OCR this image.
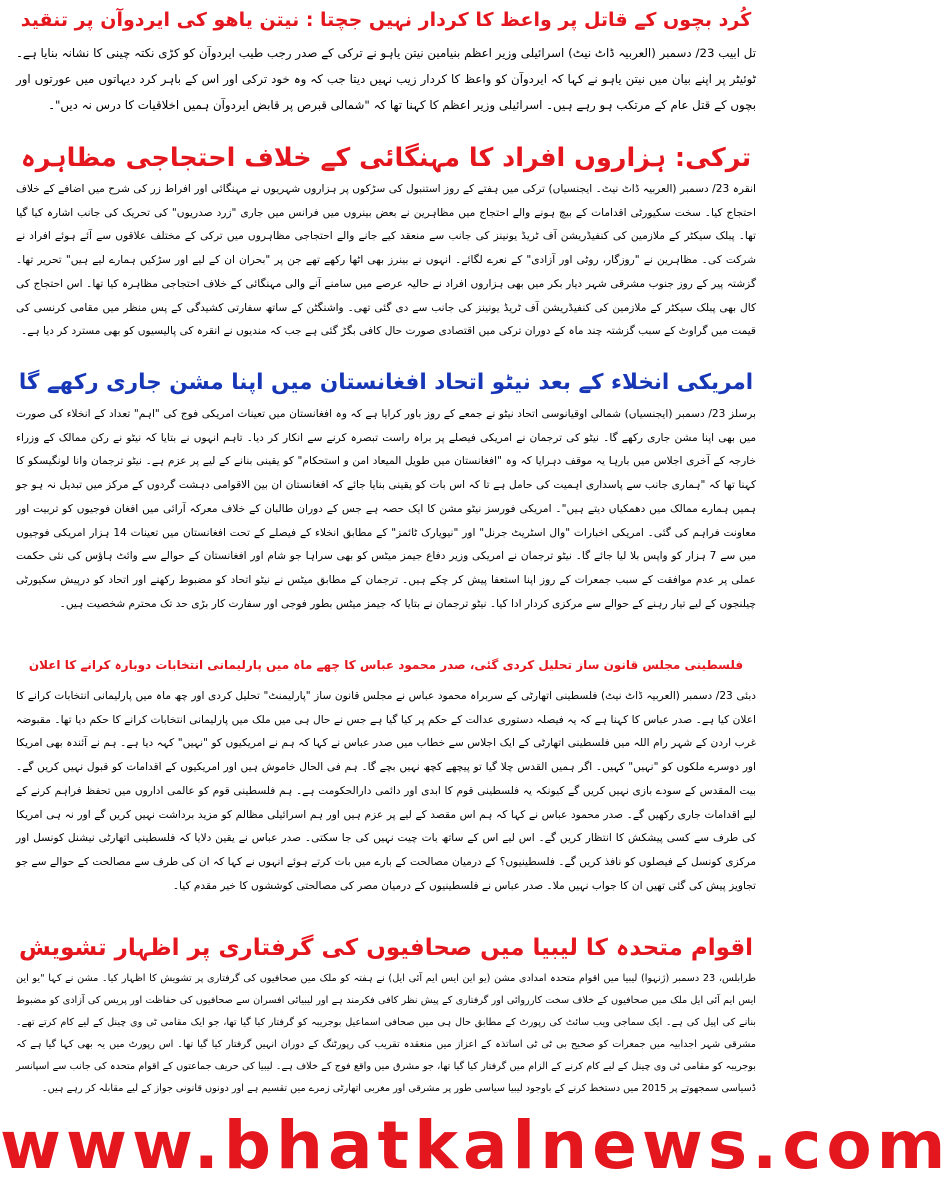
کُرد بچوں کے قاتل پر واعظ کا کردار نہیں جچتا : نیتن یاھو کی ایردوآن پر تنقید

تل ابیب 23/ دسمبر (العربیہ ڈاٹ نیٹ) اسرائیلی وزیر اعظم بنیامین نیتن یاہو نے ترکی کے صدر رجب طیب ایردوآن کو کڑی نکتہ چینی کا نشانہ بنایا ہے۔ ٹوئیٹر پر اپنے بیان میں نیتن یاہو نے کہا کہ ایردوآن کو واعظ کا کردار زیب نہیں دیتا جب کہ وہ خود ترکی اور اس کے باہر کرد دیہاتوں میں عورتوں اور بچوں کے قتل عام کے مرتکب ہو رہے ہیں۔ اسرائیلی وزیر اعظم کا کہنا تھا کہ "شمالی قبرص پر قابض ایردوآن ہمیں اخلاقیات کا درس نہ دیں"۔

ترکی: ہزاروں افراد کا مہنگائی کے خلاف احتجاجی مظاہرہ

انقرہ 23/ دسمبر (العربیہ ڈاٹ نیٹ۔ ایجنسیاں) ترکی میں ہفتے کے روز استنبول کی سڑکوں پر ہزاروں شہریوں نے مہنگائی اور افراط زر کی شرح میں اضافے کے خلاف احتجاج کیا۔ سخت سکیورٹی اقدامات کے بیچ ہونے والے احتجاج میں مظاہرین نے بعض بینروں میں فرانس میں جاری "زرد صدریوں" کی تحریک کی جانب اشارہ کیا گیا تھا۔ پبلک سیکٹر کے ملازمین کی کنفیڈریشن آف ٹریڈ یونینز کی جانب سے منعقد کیے جانے والے احتجاجی مظاہروں میں ترکی کے مختلف علاقوں سے آئے ہوئے افراد نے شرکت کی۔ مظاہرین نے "روزگار، روٹی اور آزادی" کے نعرے لگائے۔ انہوں نے بینرز بھی اٹھا رکھے تھے جن پر "بحران ان کے لیے اور سڑکیں ہمارے لیے ہیں" تحریر تھا۔ گزشتہ پیر کے روز جنوب مشرقی شہر دیار بکر میں بھی ہزاروں افراد نے حالیہ عرصے میں سامنے آنے والی مہنگائی کے خلاف احتجاجی مظاہرہ کیا تھا۔ اس احتجاج کی کال بھی پبلک سیکٹر کے ملازمین کی کنفیڈریشن آف ٹریڈ یونینز کی جانب سے دی گئی تھی۔ واشنگٹن کے ساتھ سفارتی کشیدگی کے پس منظر میں مقامی کرنسی کی قیمت میں گراوٹ کے سبب گزشتہ چند ماہ کے دوران ترکی میں اقتصادی صورت حال کافی بگڑ گئی ہے جب کہ مندیوں نے انقرہ کی پالیسیوں کو بھی مسترد کر دیا ہے۔

امریکی انخلاء کے بعد نیٹو اتحاد افغانستان میں اپنا مشن جاری رکھے گا

برسلز 23/ دسمبر (ایجنسیاں) شمالی اوقیانوسی اتحاد نیٹو نے جمعے کے روز باور کرایا ہے کہ وہ افغانستان میں تعینات امریکی فوج کی "اہم" تعداد کے انخلاء کی صورت میں بھی اپنا مشن جاری رکھے گا۔ نیٹو کی ترجمان نے امریکی فیصلے پر براہ راست تبصرہ کرنے سے انکار کر دیا۔ تاہم انہوں نے بتایا کہ نیٹو نے رکن ممالک کے وزراء خارجہ کے آخری اجلاس میں بارہا یہ موقف دہرایا کہ وہ "افغانستان میں طویل المیعاد امن و استحکام" کو یقینی بنانے کے لیے پر عزم ہے۔ نیٹو ترجمان وانا لونگیسکو کا کہنا تھا کہ "ہماری جانب سے پاسداری اہمیت کی حامل ہے تا کہ اس بات کو یقینی بنایا جائے کہ افغانستان ان بین الاقوامی دہشت گردوں کے مرکز میں تبدیل نہ ہو جو ہمیں ہمارے ممالک میں دھمکیاں دیتے ہیں"۔ امریکی فورسز نیٹو مشن کا ایک حصہ ہے جس کے دوران طالبان کے خلاف معرکہ آرائی میں افغان فوجیوں کو تربیت اور معاونت فراہم کی گئی۔ امریکی اخبارات "وال اسٹریٹ جرنل" اور "نیویارک ٹائمز" کے مطابق انخلاء کے فیصلے کے تحت افغانستان میں تعینات 14 ہزار امریکی فوجیوں میں سے 7 ہزار کو واپس بلا لیا جائے گا۔ نیٹو ترجمان نے امریکی وزیر دفاع جیمز میٹس کو بھی سراہا جو شام اور افغانستان کے حوالے سے وائٹ ہاؤس کی نئی حکمت عملی پر عدم موافقت کے سبب جمعرات کے روز اپنا استعفا پیش کر چکے ہیں۔ ترجمان کے مطابق میٹس نے نیٹو اتحاد کو مضبوط رکھنے اور اتحاد کو درپیش سکیورٹی چیلنجوں کے لیے تیار رہنے کے حوالے سے مرکزی کردار ادا کیا۔ نیٹو ترجمان نے بتایا کہ جیمز میٹس بطور فوجی اور سفارت کار بڑی حد تک محترم شخصیت ہیں۔

فلسطینی مجلس قانون ساز تحلیل کردی گئی، صدر محمود عباس کا چھے ماہ میں پارلیمانی انتخابات دوبارہ کرانے کا اعلان

دبئی 23/ دسمبر (العربیہ ڈاٹ نیٹ) فلسطینی اتھارٹی کے سربراہ محمود عباس نے مجلس قانون ساز "پارلیمنٹ" تحلیل کردی اور چھ ماہ میں پارلیمانی انتخابات کرانے کا اعلان کیا ہے۔ صدر عباس کا کہنا ہے کہ یہ فیصلہ دستوری عدالت کے حکم پر کیا گیا ہے جس نے حال ہی میں ملک میں پارلیمانی انتخابات کرانے کا حکم دیا تھا۔ مقبوضہ غرب اردن کے شہر رام اللہ میں فلسطینی اتھارٹی کے ایک اجلاس سے خطاب میں صدر عباس نے کہا کہ ہم نے امریکیوں کو "نہیں" کہہ دیا ہے۔ ہم نے آئندہ بھی امریکا اور دوسرے ملکوں کو "نہیں" کہیں۔ اگر ہمیں القدس چلا گیا تو پیچھے کچھ نہیں بچے گا۔ ہم فی الحال خاموش ہیں اور امریکیوں کے اقدامات کو قبول نہیں کریں گے۔ بیت المقدس کے سودے بازی نہیں کریں گے کیونکہ یہ فلسطینی قوم کا ابدی اور دائمی دارالحکومت ہے۔ ہم فلسطینی قوم کو عالمی اداروں میں تحفظ فراہم کرنے کے لیے اقدامات جاری رکھیں گے۔ صدر محمود عباس نے کہا کہ ہم اس مقصد کے لیے پر عزم ہیں اور ہم اسرائیلی مظالم کو مزید برداشت نہیں کریں گے اور نہ ہی امریکا کی طرف سے کسی پیشکش کا انتظار کریں گے۔ اس لیے اس کے ساتھ بات چیت نہیں کی جا سکتی۔ صدر عباس نے یقین دلایا کہ فلسطینی اتھارٹی نیشنل کونسل اور مرکزی کونسل کے فیصلوں کو نافذ کریں گے۔ فلسطینیوں؟ کے درمیان مصالحت کے بارے میں بات کرتے ہوئے انہوں نے کہا کہ ان کی طرف سے مصالحت کے حوالے سے جو تجاویز پیش کی گئی تھیں ان کا جواب نہیں ملا۔ صدر عباس نے فلسطینیوں کے درمیان مصر کی مصالحتی کوششوں کا خیر مقدم کیا۔

اقوام متحدہ کا لیبیا میں صحافیوں کی گرفتاری پر اظہار تشویش

طرابلس، 23 دسمبر (ژنہوا) لیبیا میں اقوام متحدہ امدادی مشن (یو این ایس ایم آئی ایل) نے ہفتہ کو ملک میں صحافیوں کی گرفتاری پر تشویش کا اظہار کیا۔ مشن نے کہا "یو این ایس ایم آئی ایل ملک میں صحافیوں کے خلاف سخت کارروائی اور گرفتاری کے پیش نظر کافی فکرمند ہے اور لیبیائی افسران سے صحافیوں کی حفاظت اور پریس کی آزادی کو مضبوط بنانے کی اپیل کی ہے۔ ایک سماجی ویب سائٹ کی رپورٹ کے مطابق حال ہی میں صحافی اسماعیل بوجریبہ کو گرفتار کیا گیا تھا، جو ایک مقامی ٹی وی چینل کے لیے کام کرتے تھے۔ مشرقی شہر اجدابیہ میں جمعرات کو صحیح بی ٹی ٹی اساتذہ کے اعزاز میں منعقدہ تقریب کی رپورٹنگ کے دوران انہیں گرفتار کیا گیا تھا۔ اس رپورٹ میں یہ بھی کہا گیا ہے کہ بوجریبہ کو مقامی ٹی وی چینل کے لیے کام کرنے کے الزام میں گرفتار کیا گیا تھا، جو مشرق میں واقع فوج کے خلاف ہے۔ لیبیا کی حریف جماعتوں کے اقوام متحدہ کی جانب سے اسپانسر ڈسیاسی سمجھوتے پر 2015 میں دستخط کرنے کے باوجود لیبیا سیاسی طور پر مشرقی اور مغربی اتھارٹی زمرے میں تقسیم ہے اور دونوں قانونی جواز کے لیے مقابلہ کر رہے ہیں۔

www.bhatkalnews.com
